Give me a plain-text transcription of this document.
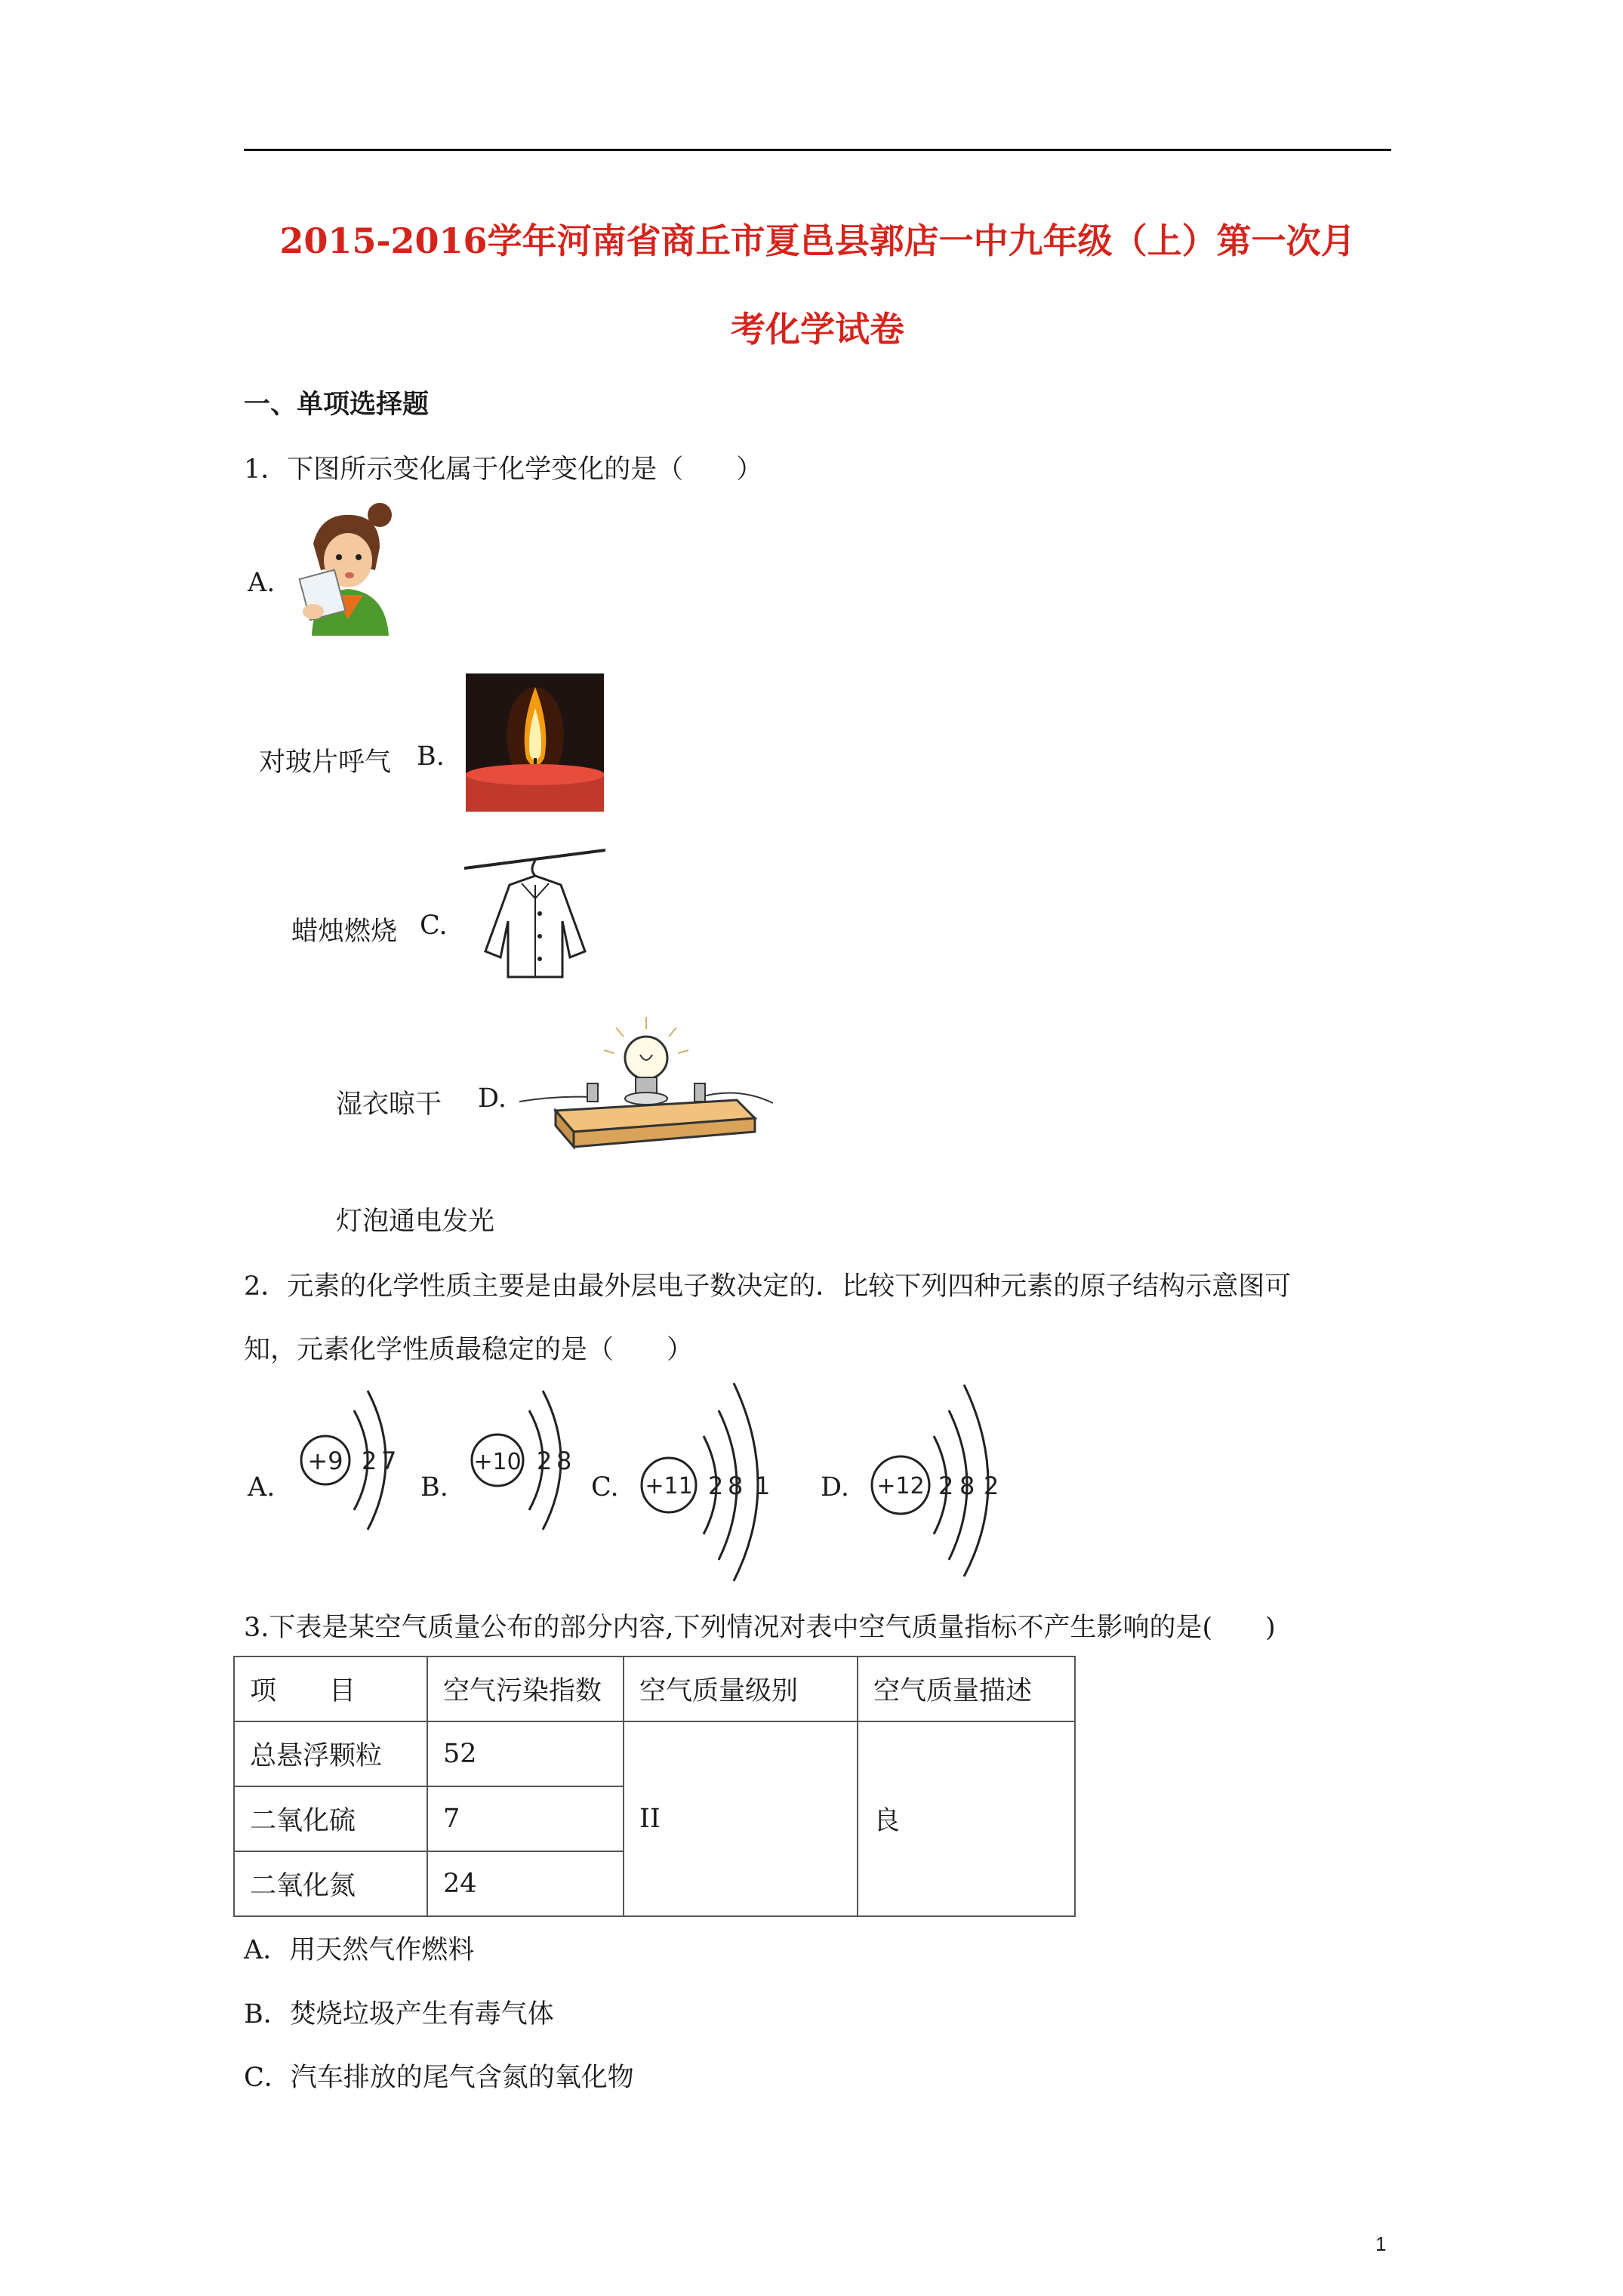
2015-2016学年河南省商丘市夏邑县郭店一中九年级（上）第一次月
考化学试卷
一、单项选择题
1．下图所示变化属于化学变化的是（　　）
A.
对玻片呼气 B.
蜡烛燃烧 C.
湿衣晾干 D.
灯泡通电发光
2．元素的化学性质主要是由最外层电子数决定的．比较下列四种元素的原子结构示意图可
知，元素化学性质最稳定的是（　　）
A.
+9 2 7
B.
+10 2 8
C. +11 2 8 1 D. +12 2 8 2
3.下表是某空气质量公布的部分内容,下列情况对表中空气质量指标不产生影响的是(　　)
项　　目	空气污染指数	空气质量级别	空气质量描述
总悬浮颗粒	52	II	良
二氧化硫	7		
二氧化氮	24		
A．用天然气作燃料
B．焚烧垃圾产生有毒气体
C．汽车排放的尾气含氮的氧化物
1
